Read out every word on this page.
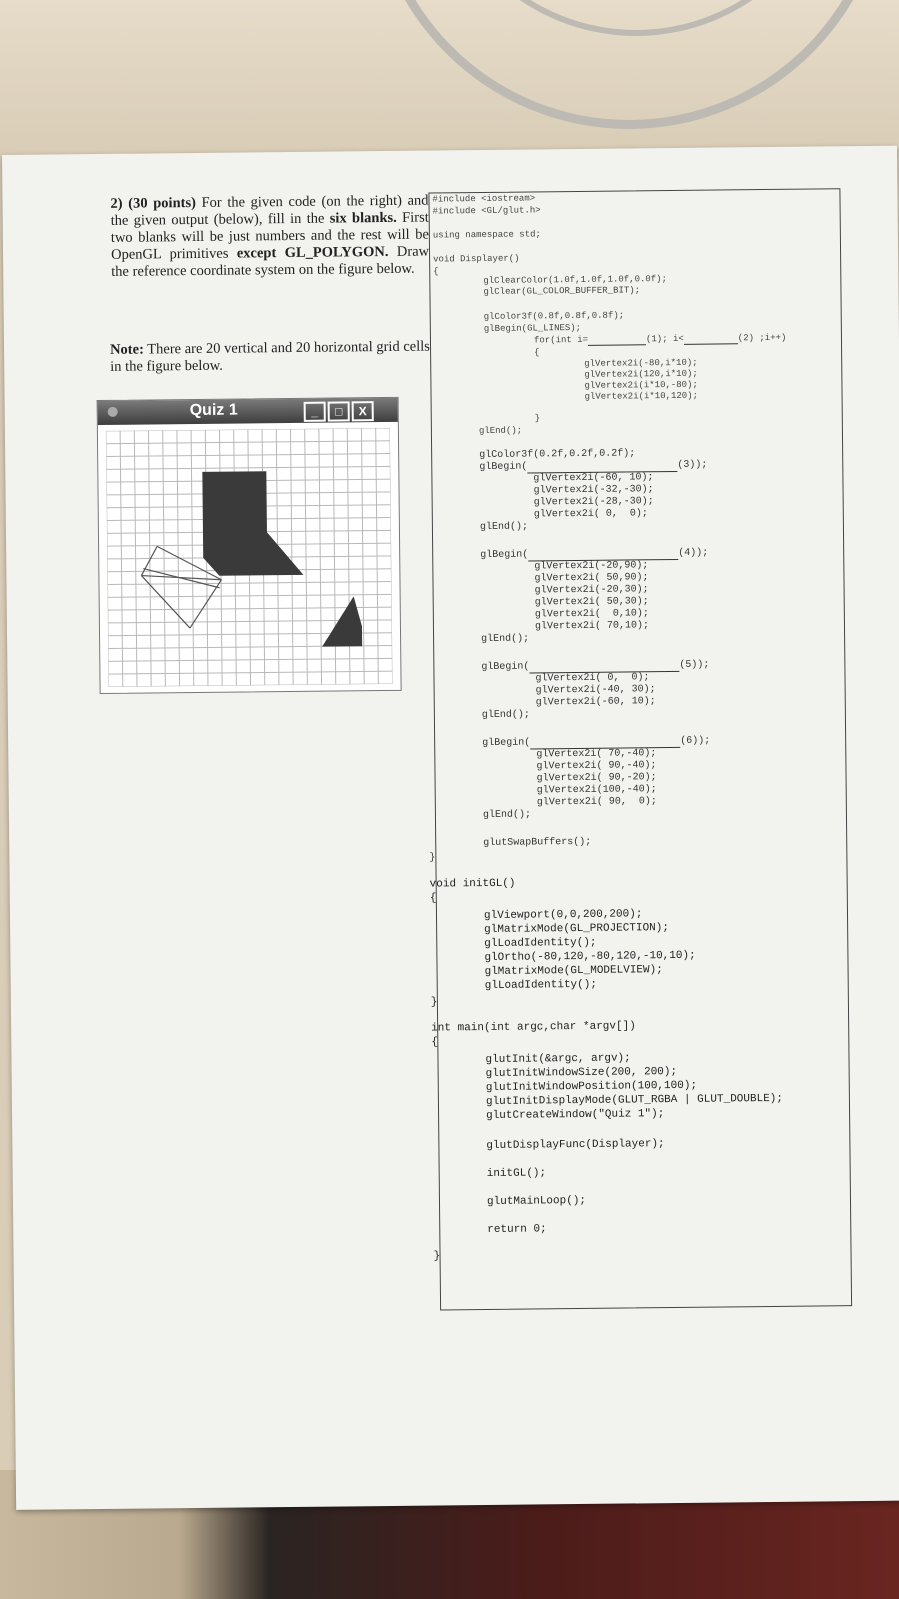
2) (30 points) For the given code (on the right) and the given output (below), fill in the six blanks. First two blanks will be just numbers and the rest will be OpenGL primitives except GL_POLYGON. Draw the reference coordinate system on the figure below.
Note: There are 20 vertical and 20 horizontal grid cells in the figure below.
Quiz 1	_	□	X
#include <iostream>
#include <GL/glut.h>
using namespace std;
void Displayer()
{
glClearColor(1.0f,1.0f,1.0f,0.0f);
glClear(GL_COLOR_BUFFER_BIT);
glColor3f(0.8f,0.8f,0.8f);
glBegin(GL_LINES);
for(int i=	(1); i<	(2) ;i++)
{
glVertex2i(-80,i*10);
glVertex2i(120,i*10);
glVertex2i(i*10,-80);
glVertex2i(i*10,120);
}
glEnd();
glColor3f(0.2f,0.2f,0.2f);
glBegin(	(3));
glVertex2i(-60, 10);
glVertex2i(-32,-30);
glVertex2i(-28,-30);
glVertex2i( 0,  0);
glEnd();
glBegin(	(4));
glVertex2i(-20,90);
glVertex2i( 50,90);
glVertex2i(-20,30);
glVertex2i( 50,30);
glVertex2i(  0,10);
glVertex2i( 70,10);
glEnd();
glBegin(	(5));
glVertex2i( 0,  0);
glVertex2i(-40, 30);
glVertex2i(-60, 10);
glEnd();
glBegin(	(6));
glVertex2i( 70,-40);
glVertex2i( 90,-40);
glVertex2i( 90,-20);
glVertex2i(100,-40);
glVertex2i( 90,  0);
glEnd();
glutSwapBuffers();
}
void initGL()
{
glViewport(0,0,200,200);
glMatrixMode(GL_PROJECTION);
glLoadIdentity();
glOrtho(-80,120,-80,120,-10,10);
glMatrixMode(GL_MODELVIEW);
glLoadIdentity();
}
int main(int argc,char *argv[])
{
glutInit(&argc, argv);
glutInitWindowSize(200, 200);
glutInitWindowPosition(100,100);
glutInitDisplayMode(GLUT_RGBA | GLUT_DOUBLE);
glutCreateWindow("Quiz 1");
glutDisplayFunc(Displayer);
initGL();
glutMainLoop();
return 0;
}
